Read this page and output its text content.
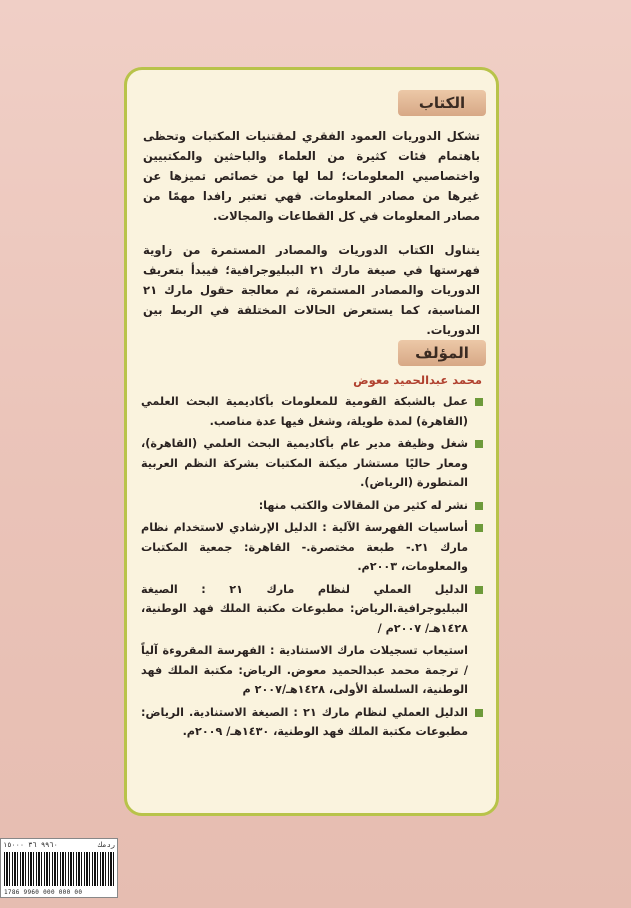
الكتاب
تشكل الدوريات العمود الفقري لمقتنيات المكتبات وتحظى باهتمام فئات كثيرة من العلماء والباحثين والمكتبيين واختصاصيي المعلومات؛ لما لها من خصائص تميزها عن غيرها من مصادر المعلومات. فهي تعتبر رافدا مهمًا من مصادر المعلومات في كل القطاعات والمجالات.
يتناول الكتاب الدوريات والمصادر المستمرة من زاوية فهرستها في صيغة مارك ٢١ الببليوجرافية؛ فيبدأ بتعريف الدوريات والمصادر المستمرة، ثم معالجة حقول مارك ٢١ المناسبة، كما يستعرض الحالات المختلفة في الربط بين الدوريات.
المؤلف
محمد عبدالحميد معوض
عمل بالشبكة القومية للمعلومات بأكاديمية البحث العلمي (القاهرة) لمدة طويلة، وشغل فيها عدة مناصب.
شغل وظيفة مدير عام بأكاديمية البحث العلمي (القاهرة)، ومعار حاليًا مستشار ميكنة المكتبات بشركة النظم العربية المتطورة (الرياض).
نشر له كثير من المقالات والكتب منها:
أساسيات الفهرسة الآلية : الدليل الإرشادي لاستخدام نظام مارك ٢١.- طبعة مختصرة.- القاهرة: جمعية المكتبات والمعلومات، ٢٠٠٣م.
الدليل العملي لنظام مارك ٢١ : الصيغة الببليوجرافية.الرياض: مطبوعات مكتبة الملك فهد الوطنية، ١٤٢٨هـ/ ٢٠٠٧م /
استيعاب تسجيلات مارك الاستنادية : الفهرسة المقروءة آلياً / ترجمة محمد عبدالحميد معوض. الرياض: مكتبة الملك فهد الوطنية، السلسلة الأولى، ١٤٢٨هـ/٢٠٠٧ م
الدليل العملي لنظام مارك ٢١ : الصيغة الاستنادية. الرياض: مطبوعات مكتبة الملك فهد الوطنية، ١٤٣٠هـ/ ٢٠٠٩م.
ردمك
٩٩٦٠ ٣٦ ١٥٠٠٠
1786 9960 000 000 00
